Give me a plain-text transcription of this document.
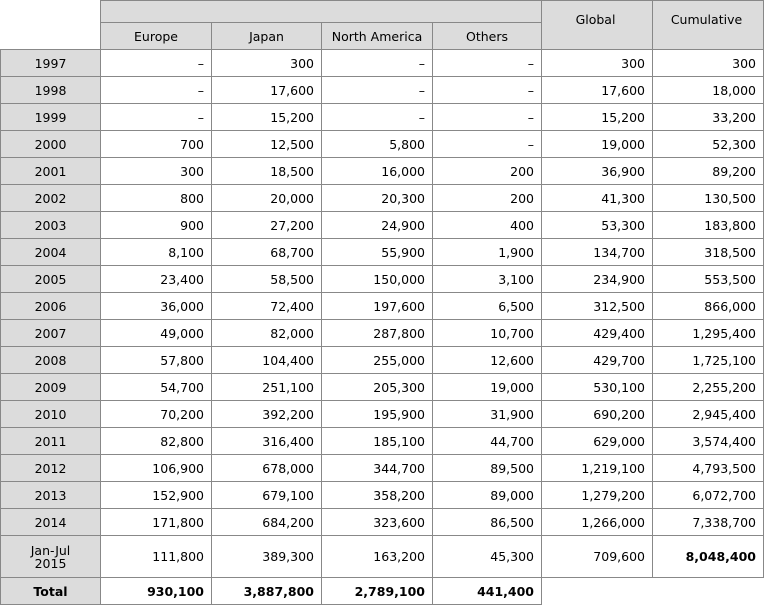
					Global	Cumulative
	Europe	Japan	North America	Others		
1997	–	300	–	–	300	300
1998	–	17,600	–	–	17,600	18,000
1999	–	15,200	–	–	15,200	33,200
2000	700	12,500	5,800	–	19,000	52,300
2001	300	18,500	16,000	200	36,900	89,200
2002	800	20,000	20,300	200	41,300	130,500
2003	900	27,200	24,900	400	53,300	183,800
2004	8,100	68,700	55,900	1,900	134,700	318,500
2005	23,400	58,500	150,000	3,100	234,900	553,500
2006	36,000	72,400	197,600	6,500	312,500	866,000
2007	49,000	82,000	287,800	10,700	429,400	1,295,400
2008	57,800	104,400	255,000	12,600	429,700	1,725,100
2009	54,700	251,100	205,300	19,000	530,100	2,255,200
2010	70,200	392,200	195,900	31,900	690,200	2,945,400
2011	82,800	316,400	185,100	44,700	629,000	3,574,400
2012	106,900	678,000	344,700	89,500	1,219,100	4,793,500
2013	152,900	679,100	358,200	89,000	1,279,200	6,072,700
2014	171,800	684,200	323,600	86,500	1,266,000	7,338,700
Jan-Jul
2015	111,800	389,300	163,200	45,300	709,600	8,048,400
Total	930,100	3,887,800	2,789,100	441,400		
